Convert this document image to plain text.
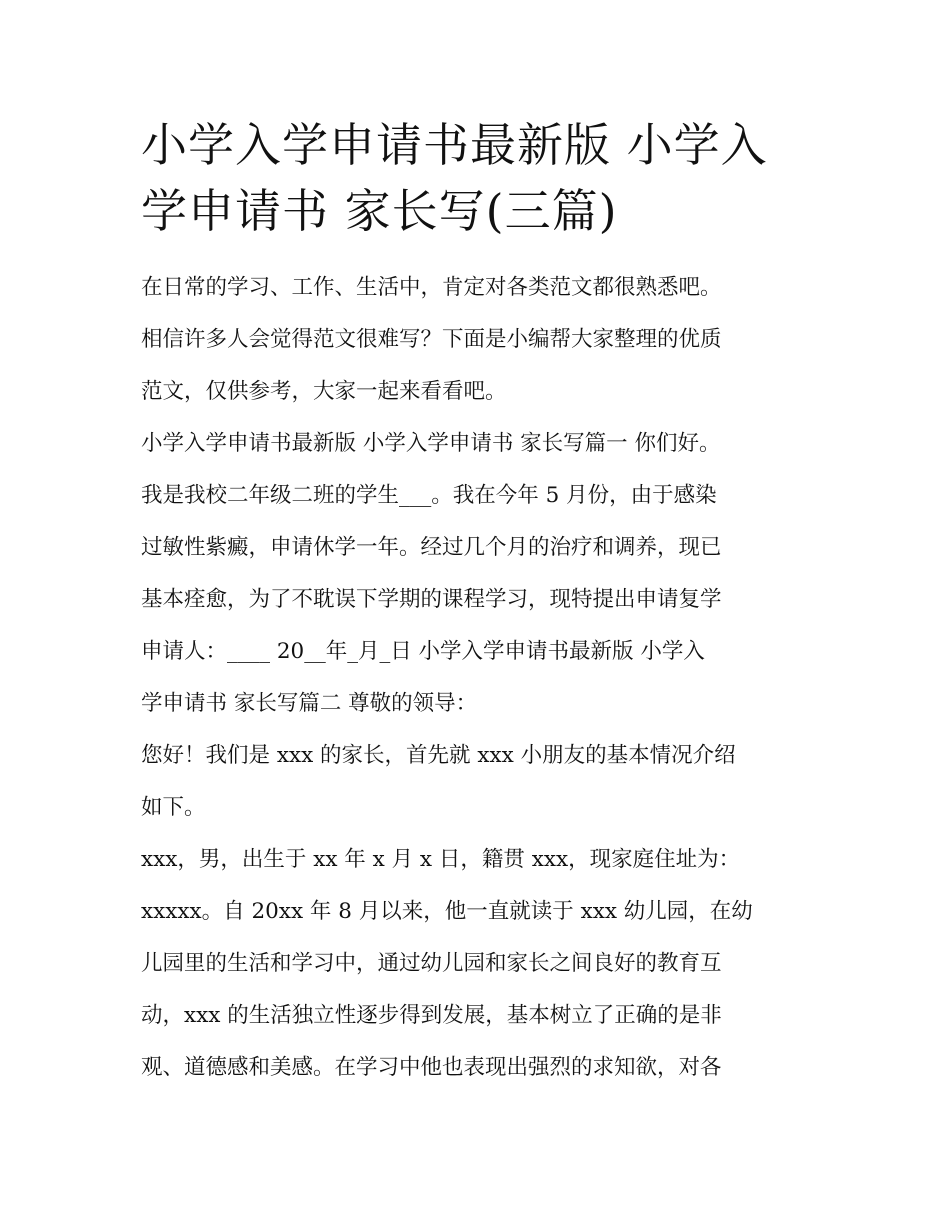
小学入学申请书最新版 小学入学申请书 家长写(三篇)
在日常的学习、工作、生活中，肯定对各类范文都很熟悉吧。
相信许多人会觉得范文很难写？下面是小编帮大家整理的优质
范文，仅供参考，大家一起来看看吧。
小学入学申请书最新版 小学入学申请书 家长写篇一 你们好。
我是我校二年级二班的学生___。我在今年 5 月份，由于感染
过敏性紫癜，申请休学一年。经过几个月的治疗和调养，现已
基本痊愈，为了不耽误下学期的课程学习，现特提出申请复学
申请人：____ 20__年_月_日 小学入学申请书最新版 小学入
学申请书 家长写篇二 尊敬的领导：
您好！我们是 xxx 的家长，首先就 xxx 小朋友的基本情况介绍
如下。
xxx，男，出生于 xx 年 x 月 x 日，籍贯 xxx，现家庭住址为：
xxxxx。自 20xx 年 8 月以来，他一直就读于 xxx 幼儿园，在幼
儿园里的生活和学习中，通过幼儿园和家长之间良好的教育互
动，xxx 的生活独立性逐步得到发展，基本树立了正确的是非
观、道德感和美感。在学习中他也表现出强烈的求知欲，对各
